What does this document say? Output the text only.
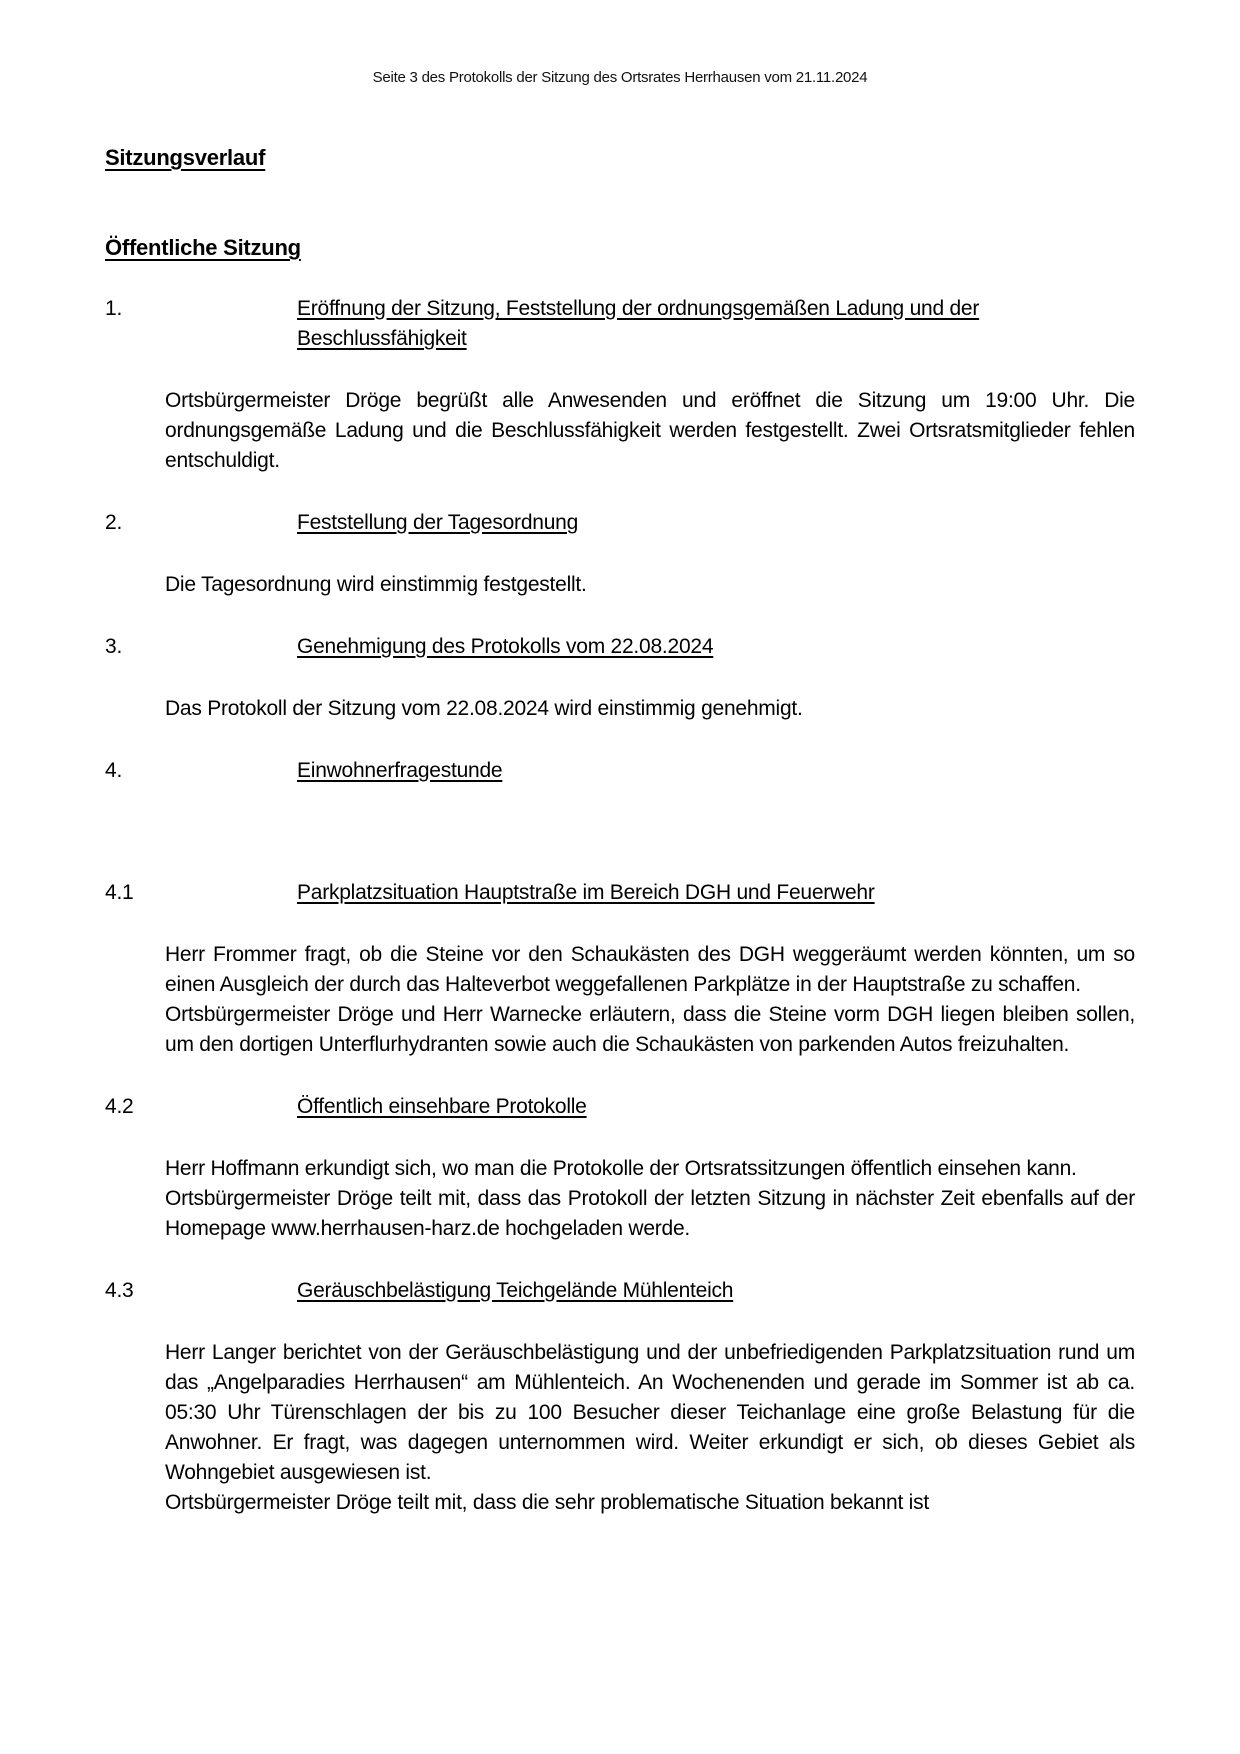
Seite 3 des Protokolls der Sitzung des Ortsrates Herrhausen vom 21.11.2024
Sitzungsverlauf
Öffentliche Sitzung
1.	Eröffnung der Sitzung, Feststellung der ordnungsgemäßen Ladung und der Beschlussfähigkeit

Ortsbürgermeister Dröge begrüßt alle Anwesenden und eröffnet die Sitzung um 19:00 Uhr. Die ordnungsgemäße Ladung und die Beschlussfähigkeit werden festgestellt. Zwei Ortsratsmitglieder fehlen entschuldigt.

2.	Feststellung der Tagesordnung

Die Tagesordnung wird einstimmig festgestellt.

3.	Genehmigung des Protokolls vom 22.08.2024

Das Protokoll der Sitzung vom 22.08.2024 wird einstimmig genehmigt.

4.	Einwohnerfragestunde
4.1	Parkplatzsituation Hauptstraße im Bereich DGH und Feuerwehr

Herr Frommer fragt, ob die Steine vor den Schaukästen des DGH weggeräumt werden könnten, um so einen Ausgleich der durch das Halteverbot weggefallenen Parkplätze in der Hauptstraße zu schaffen.

Ortsbürgermeister Dröge und Herr Warnecke erläutern, dass die Steine vorm DGH liegen bleiben sollen, um den dortigen Unterflurhydranten sowie auch die Schaukästen von parkenden Autos freizuhalten.

4.2	Öffentlich einsehbare Protokolle

Herr Hoffmann erkundigt sich, wo man die Protokolle der Ortsratssitzungen öffentlich einsehen kann.

Ortsbürgermeister Dröge teilt mit, dass das Protokoll der letzten Sitzung in nächster Zeit ebenfalls auf der Homepage www.herrhausen-harz.de hochgeladen werde.

4.3	Geräuschbelästigung Teichgelände Mühlenteich

Herr Langer berichtet von der Geräuschbelästigung und der unbefriedigenden Parkplatzsituation rund um das „Angelparadies Herrhausen“ am Mühlenteich. An Wochenenden und gerade im Sommer ist ab ca. 05:30 Uhr Türenschlagen der bis zu 100 Besucher dieser Teichanlage eine große Belastung für die Anwohner. Er fragt, was dagegen unternommen wird. Weiter erkundigt er sich, ob dieses Gebiet als Wohngebiet ausgewiesen ist.

Ortsbürgermeister Dröge teilt mit, dass die sehr problematische Situation bekannt ist
